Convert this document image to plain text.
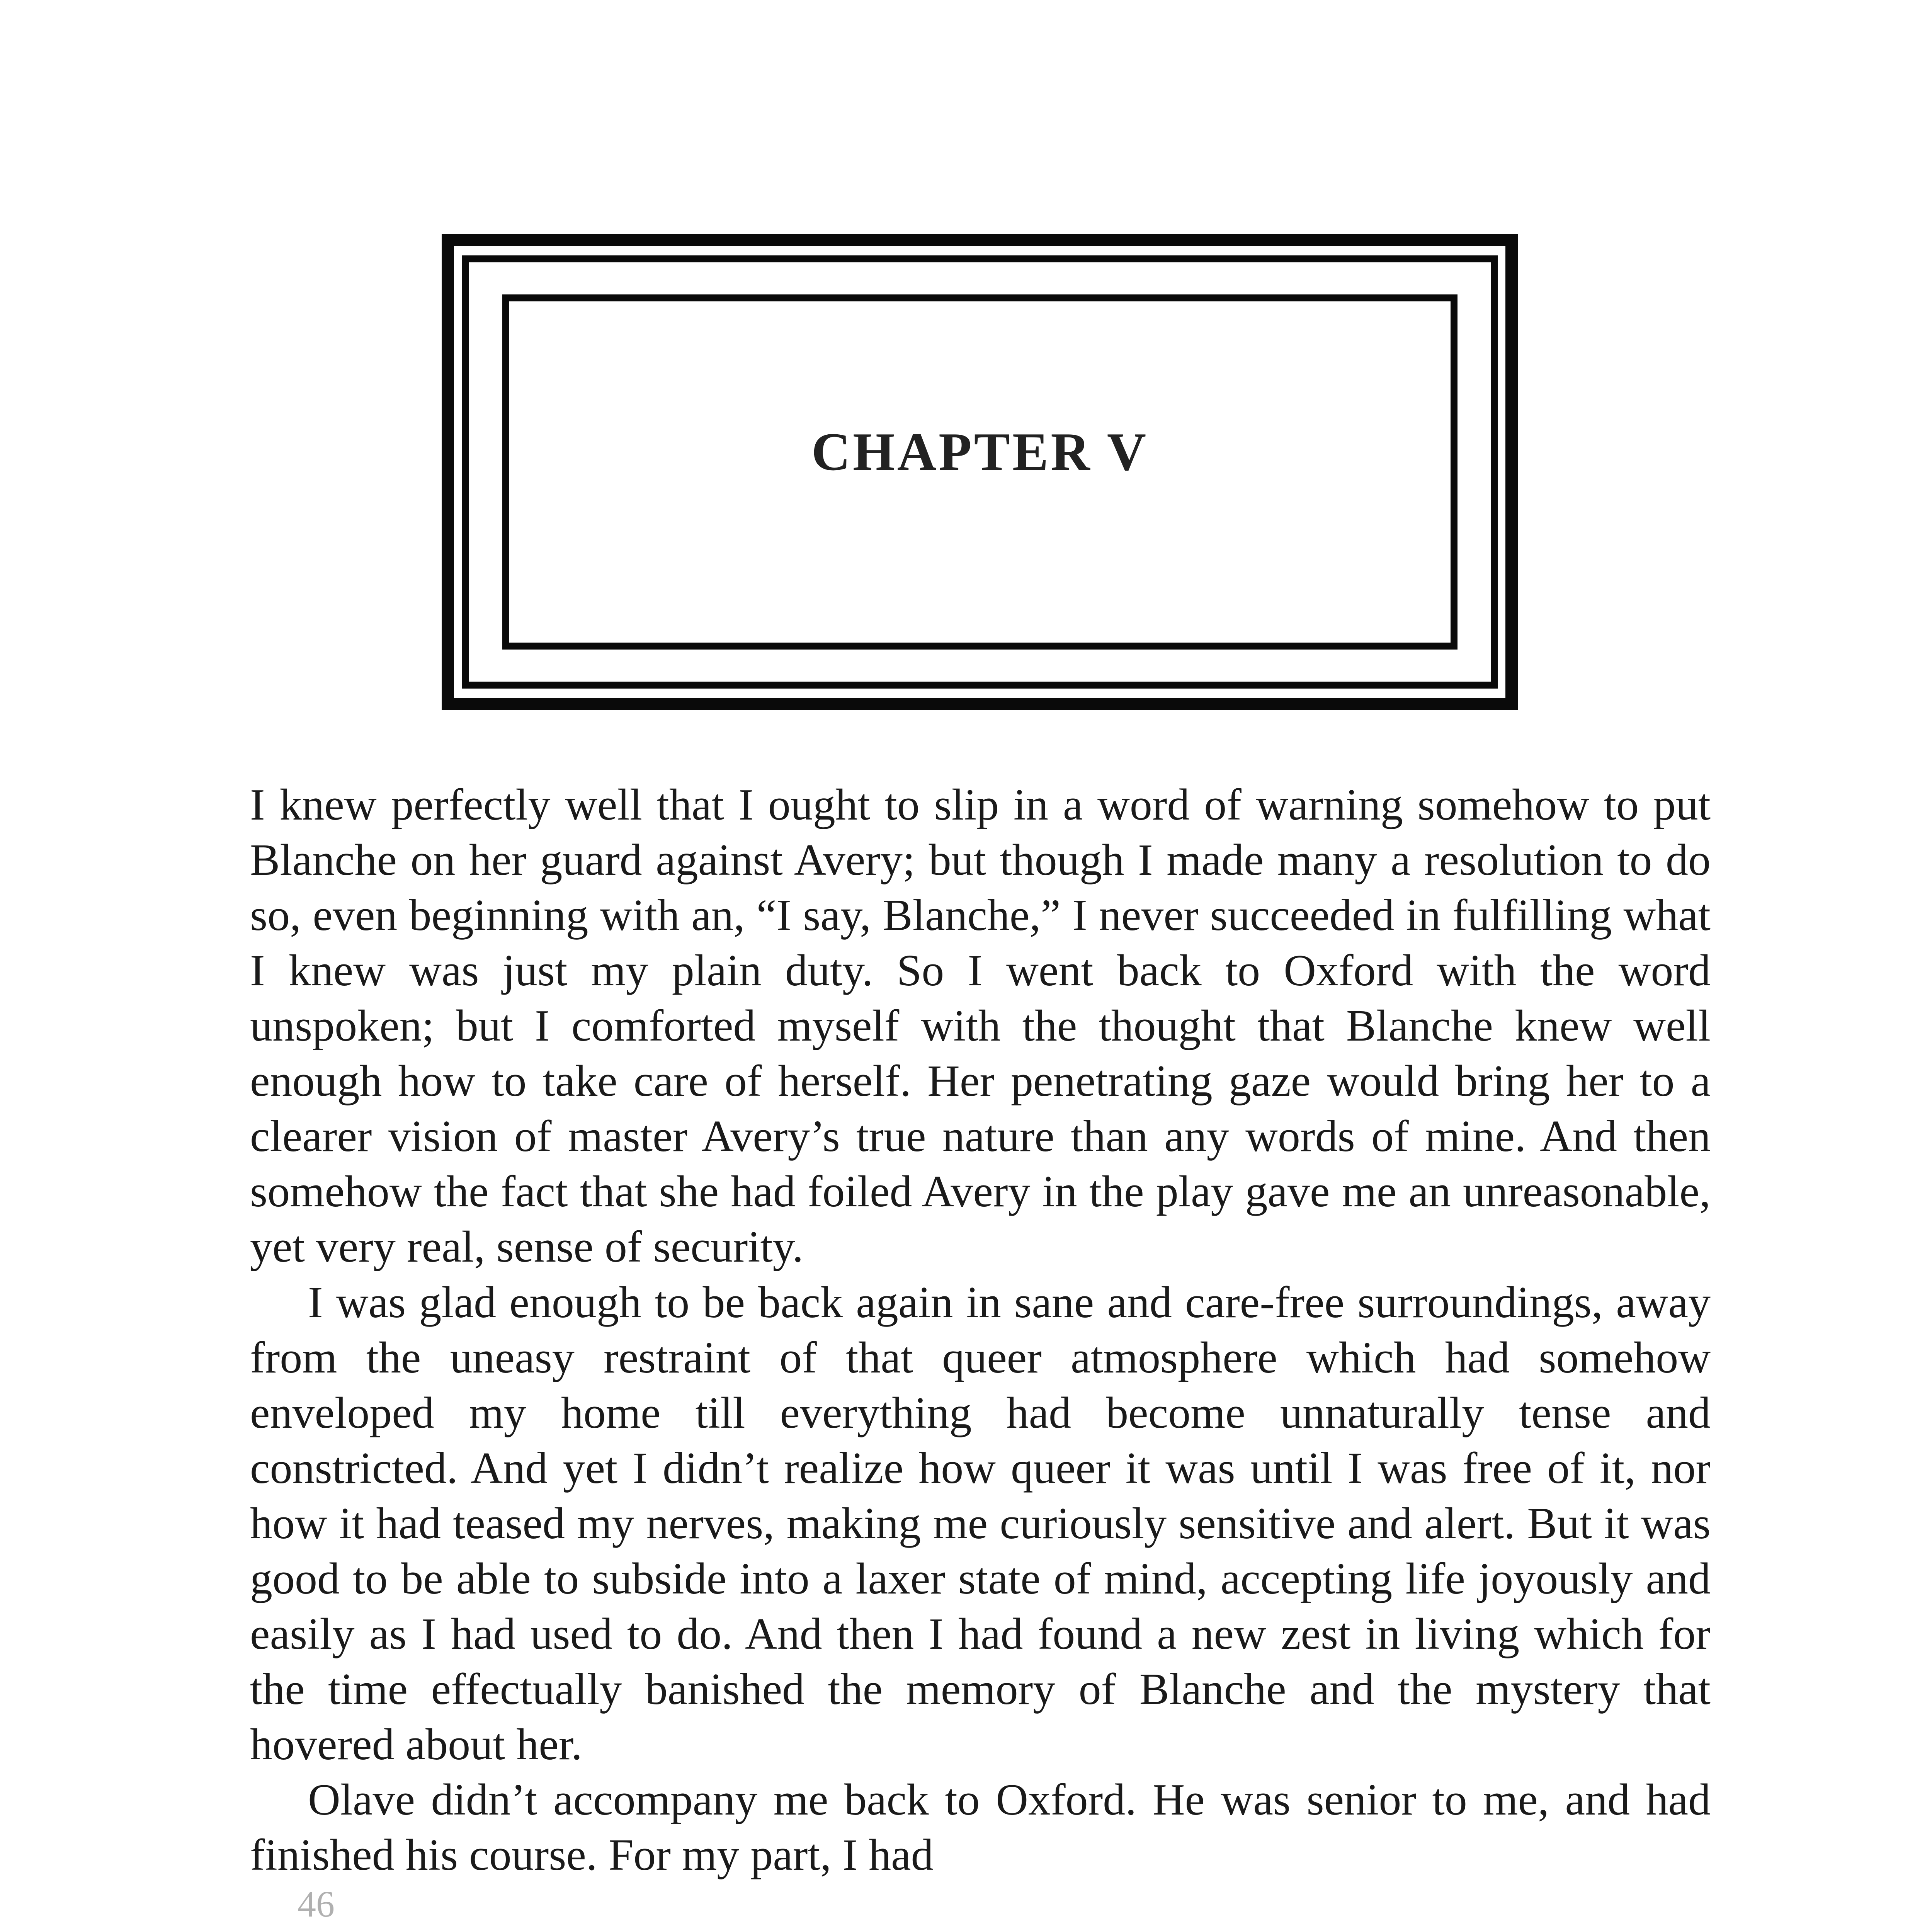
CHAPTER V

I knew perfectly well that I ought to slip in a word of warning somehow to put Blanche on her guard against Avery; but though I made many a resolution to do so, even beginning with an, “I say, Blanche,” I never succeeded in fulfilling what I knew was just my plain duty. So I went back to Oxford with the word unspoken; but I comforted myself with the thought that Blanche knew well enough how to take care of herself. Her penetrating gaze would bring her to a clearer vision of master Avery’s true nature than any words of mine. And then somehow the fact that she had foiled Avery in the play gave me an unreasonable, yet very real, sense of security.

I was glad enough to be back again in sane and care-free surroundings, away from the uneasy restraint of that queer atmosphere which had somehow enveloped my home till everything had become unnaturally tense and constricted. And yet I didn’t realize how queer it was until I was free of it, nor how it had teased my nerves, making me curiously sensitive and alert. But it was good to be able to subside into a laxer state of mind, accepting life joyously and easily as I had used to do. And then I had found a new zest in living which for the time effectually banished the memory of Blanche and the mystery that hovered about her.

Olave didn’t accompany me back to Oxford. He was senior to me, and had finished his course. For my part, I had

46
